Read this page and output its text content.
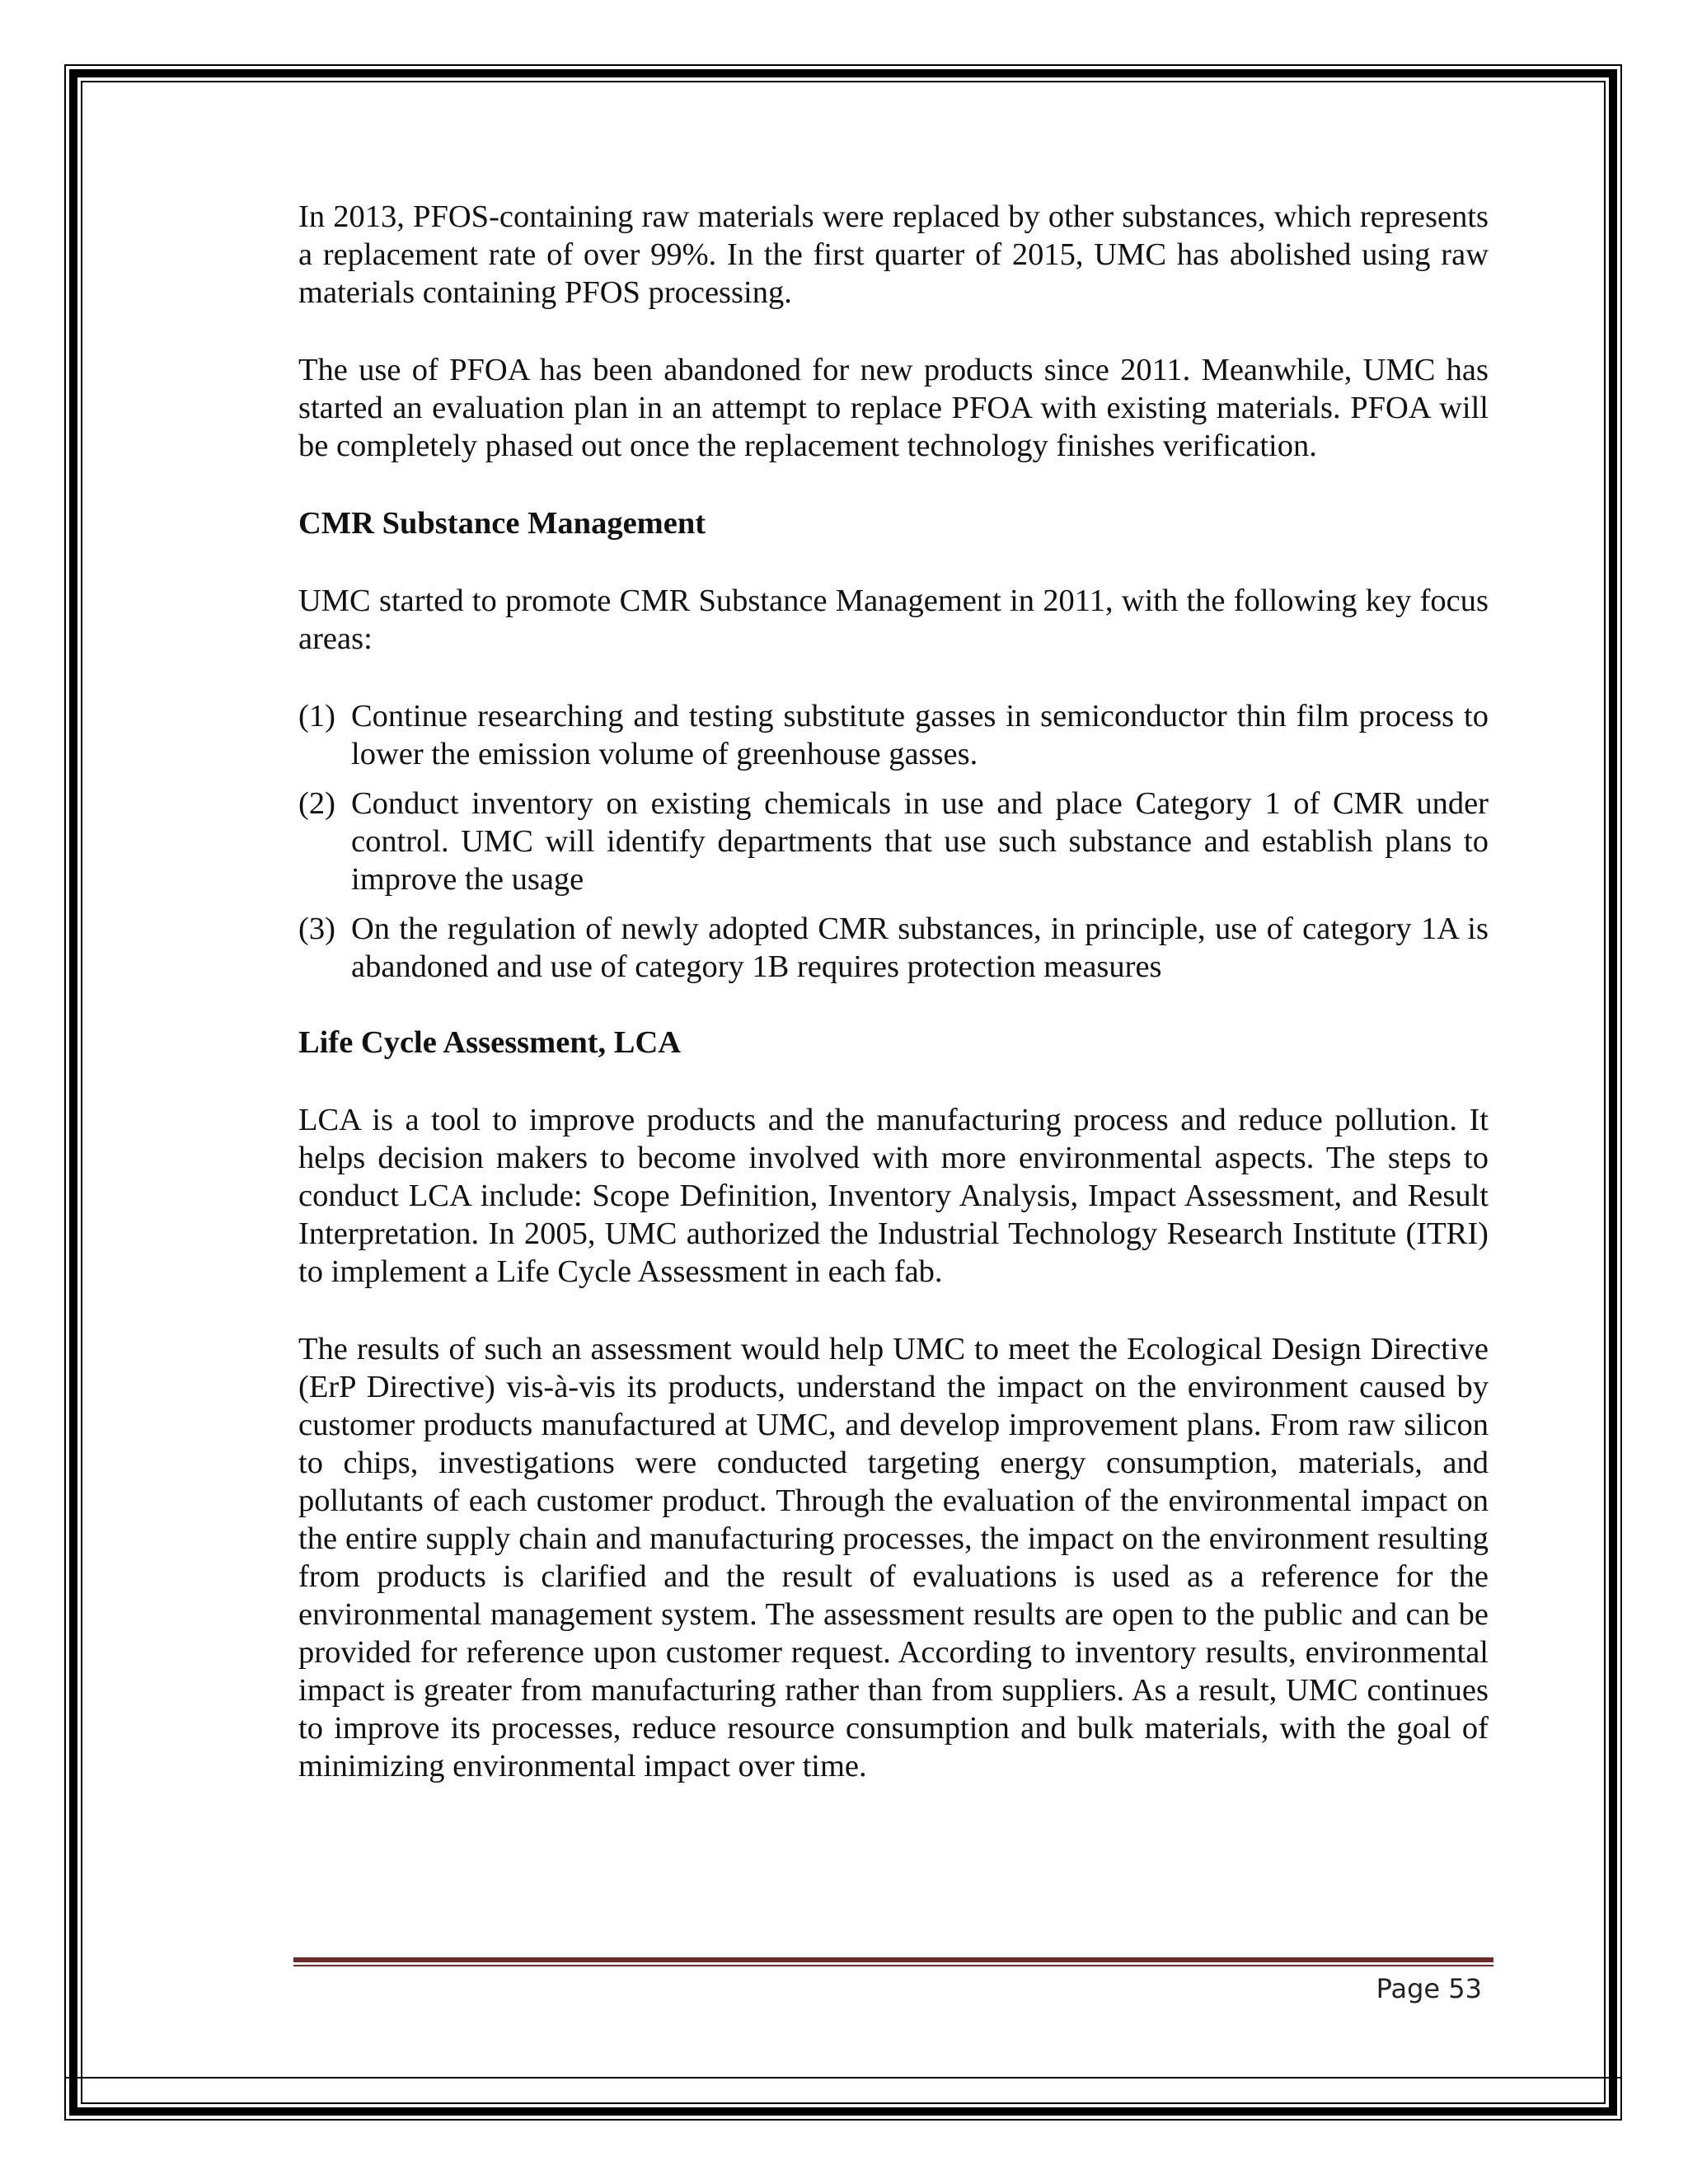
In 2013, PFOS-containing raw materials were replaced by other substances, which represents a replacement rate of over 99%. In the first quarter of 2015, UMC has abolished using raw materials containing PFOS processing.

The use of PFOA has been abandoned for new products since 2011. Meanwhile, UMC has started an evaluation plan in an attempt to replace PFOA with existing materials. PFOA will be completely phased out once the replacement technology finishes verification.

CMR Substance Management

UMC started to promote CMR Substance Management in 2011, with the following key focus areas:

(1) Continue researching and testing substitute gasses in semiconductor thin film process to lower the emission volume of greenhouse gasses.
(2) Conduct inventory on existing chemicals in use and place Category 1 of CMR under control. UMC will identify departments that use such substance and establish plans to improve the usage
(3) On the regulation of newly adopted CMR substances, in principle, use of category 1A is abandoned and use of category 1B requires protection measures

Life Cycle Assessment, LCA

LCA is a tool to improve products and the manufacturing process and reduce pollution. It helps decision makers to become involved with more environmental aspects. The steps to conduct LCA include: Scope Definition, Inventory Analysis, Impact Assessment, and Result Interpretation. In 2005, UMC authorized the Industrial Technology Research Institute (ITRI) to implement a Life Cycle Assessment in each fab.

The results of such an assessment would help UMC to meet the Ecological Design Directive (ErP Directive) vis-à-vis its products, understand the impact on the environment caused by customer products manufactured at UMC, and develop improvement plans. From raw silicon to chips, investigations were conducted targeting energy consumption, materials, and pollutants of each customer product. Through the evaluation of the environmental impact on the entire supply chain and manufacturing processes, the impact on the environment resulting from products is clarified and the result of evaluations is used as a reference for the environmental management system. The assessment results are open to the public and can be provided for reference upon customer request. According to inventory results, environmental impact is greater from manufacturing rather than from suppliers. As a result, UMC continues to improve its processes, reduce resource consumption and bulk materials, with the goal of minimizing environmental impact over time.

Page 53
